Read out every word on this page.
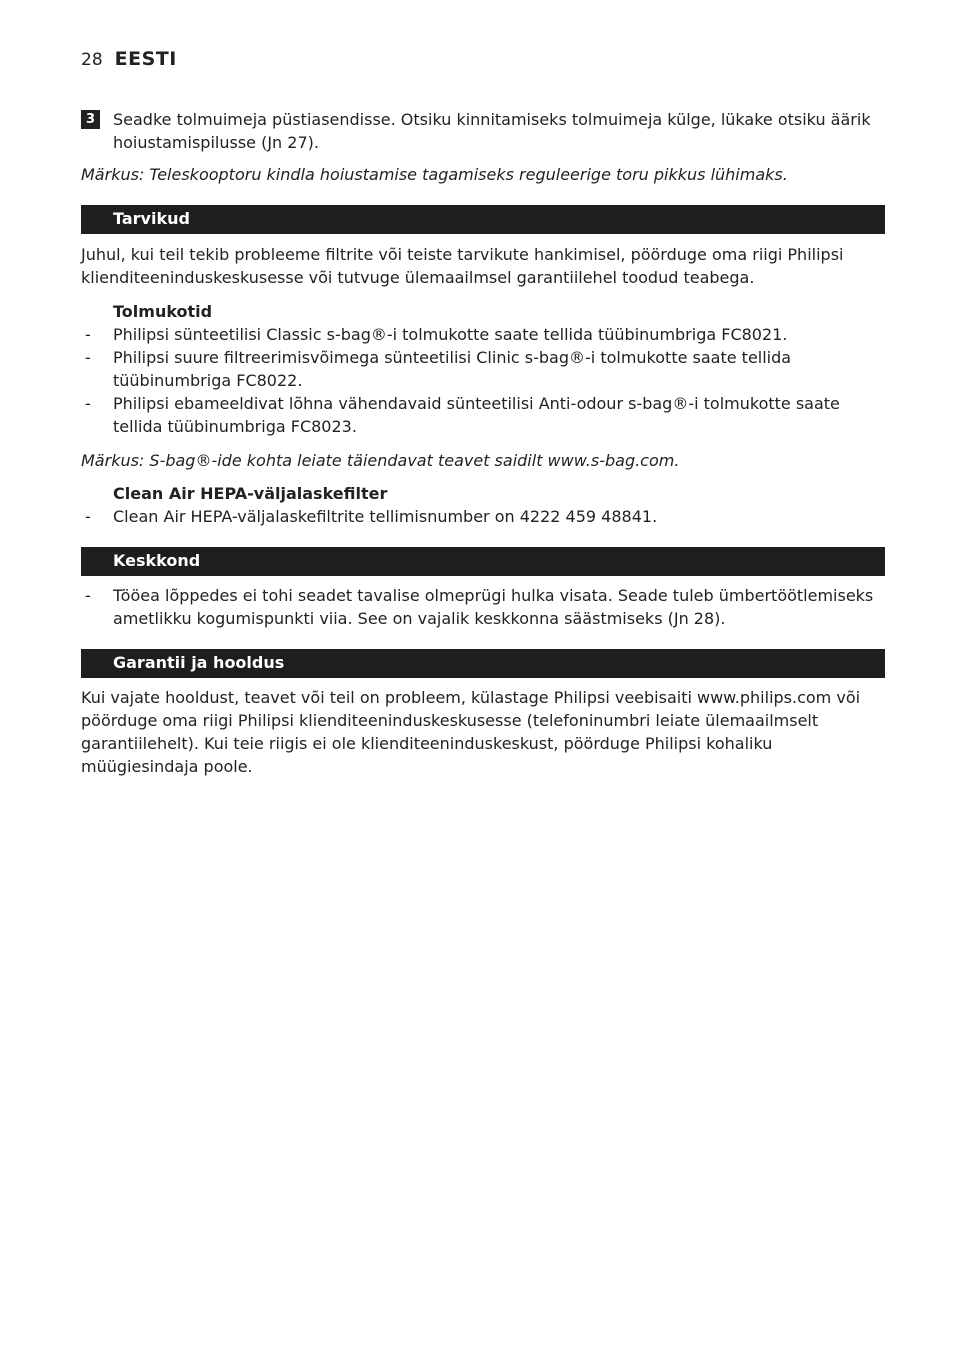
28 EESTI
3	Seadke tolmuimeja püstiasendisse. Otsiku kinnitamiseks tolmuimeja külge, lükake otsiku äärik hoiustamispilusse (Jn 27).

Märkus: Teleskooptoru kindla hoiustamise tagamiseks reguleerige toru pikkus lühimaks.

Tarvikud

Juhul, kui teil tekib probleeme filtrite või teiste tarvikute hankimisel, pöörduge oma riigi Philipsi klienditeeninduskeskusesse või tutvuge ülemaailmsel garantiilehel toodud teabega.

Tolmukotid

- Philipsi sünteetilisi Classic s-bag®-i tolmukotte saate tellida tüübinumbriga FC8021.
- Philipsi suure filtreerimisvõimega sünteetilisi Clinic s-bag®-i tolmukotte saate tellida tüübinumbriga FC8022.
- Philipsi ebameeldivat lõhna vähendavaid sünteetilisi Anti-odour s-bag®-i tolmukotte saate tellida tüübinumbriga FC8023.

Märkus: S-bag®-ide kohta leiate täiendavat teavet saidilt www.s-bag.com.

Clean Air HEPA-väljalaskefilter

- Clean Air HEPA-väljalaskefiltrite tellimisnumber on 4222 459 48841.
Keskkond
- Tööea lõppedes ei tohi seadet tavalise olmeprügi hulka visata. Seade tuleb ümbertöötlemiseks ametlikku kogumispunkti viia. See on vajalik keskkonna säästmiseks (Jn 28).
Garantii ja hooldus

Kui vajate hooldust, teavet või teil on probleem, külastage Philipsi veebisaiti www.philips.com või pöörduge oma riigi Philipsi klienditeeninduskeskusesse (telefoninumbri leiate ülemaailmselt garantiilehelt). Kui teie riigis ei ole klienditeeninduskeskust, pöörduge Philipsi kohaliku müügiesindaja poole.
